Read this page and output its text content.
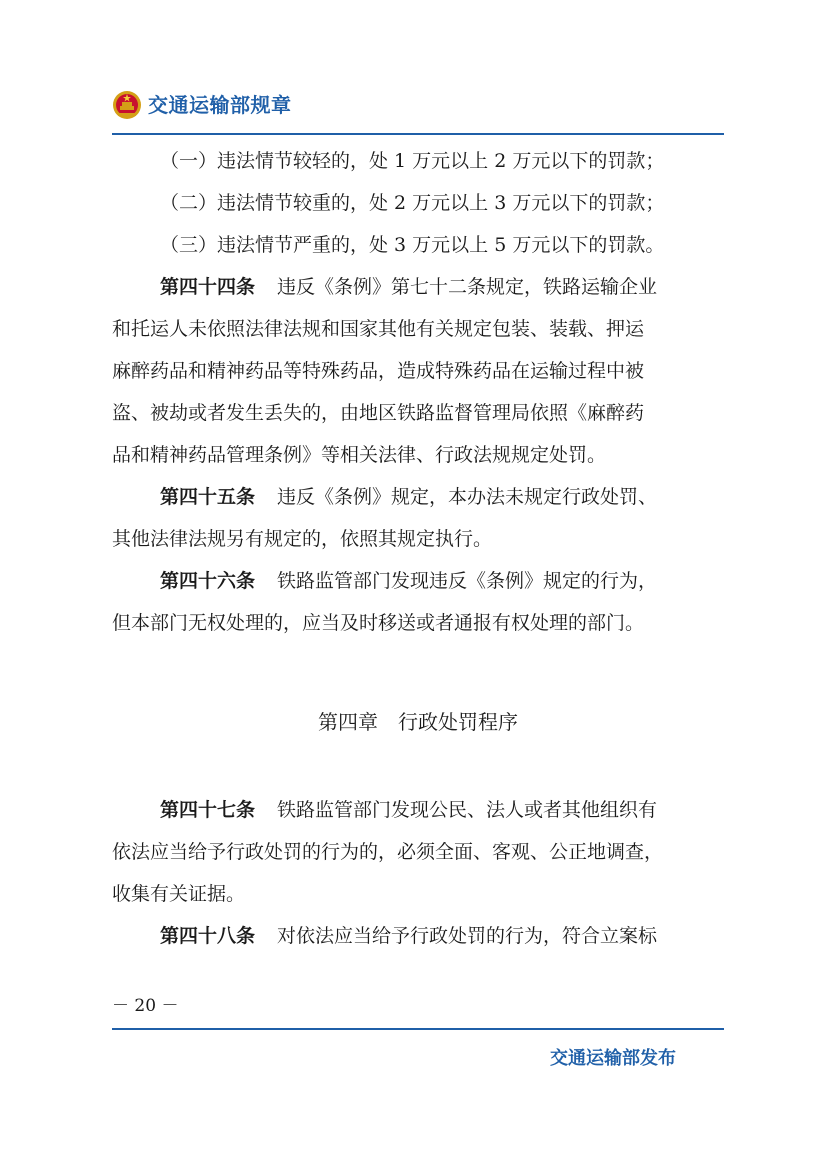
交通运输部规章
（一）违法情节较轻的，处 1 万元以上 2 万元以下的罚款；
（二）违法情节较重的，处 2 万元以上 3 万元以下的罚款；
（三）违法情节严重的，处 3 万元以上 5 万元以下的罚款。
第四十四条 违反《条例》第七十二条规定，铁路运输企业
和托运人未依照法律法规和国家其他有关规定包装、装载、押运
麻醉药品和精神药品等特殊药品，造成特殊药品在运输过程中被
盗、被劫或者发生丢失的，由地区铁路监督管理局依照《麻醉药
品和精神药品管理条例》等相关法律、行政法规规定处罚。
第四十五条 违反《条例》规定，本办法未规定行政处罚、
其他法律法规另有规定的，依照其规定执行。
第四十六条 铁路监管部门发现违反《条例》规定的行为，
但本部门无权处理的，应当及时移送或者通报有权处理的部门。
第四章　行政处罚程序
第四十七条 铁路监管部门发现公民、法人或者其他组织有
依法应当给予行政处罚的行为的，必须全面、客观、公正地调查，
收集有关证据。
第四十八条 对依法应当给予行政处罚的行为，符合立案标
－ 20 －
交通运输部发布
